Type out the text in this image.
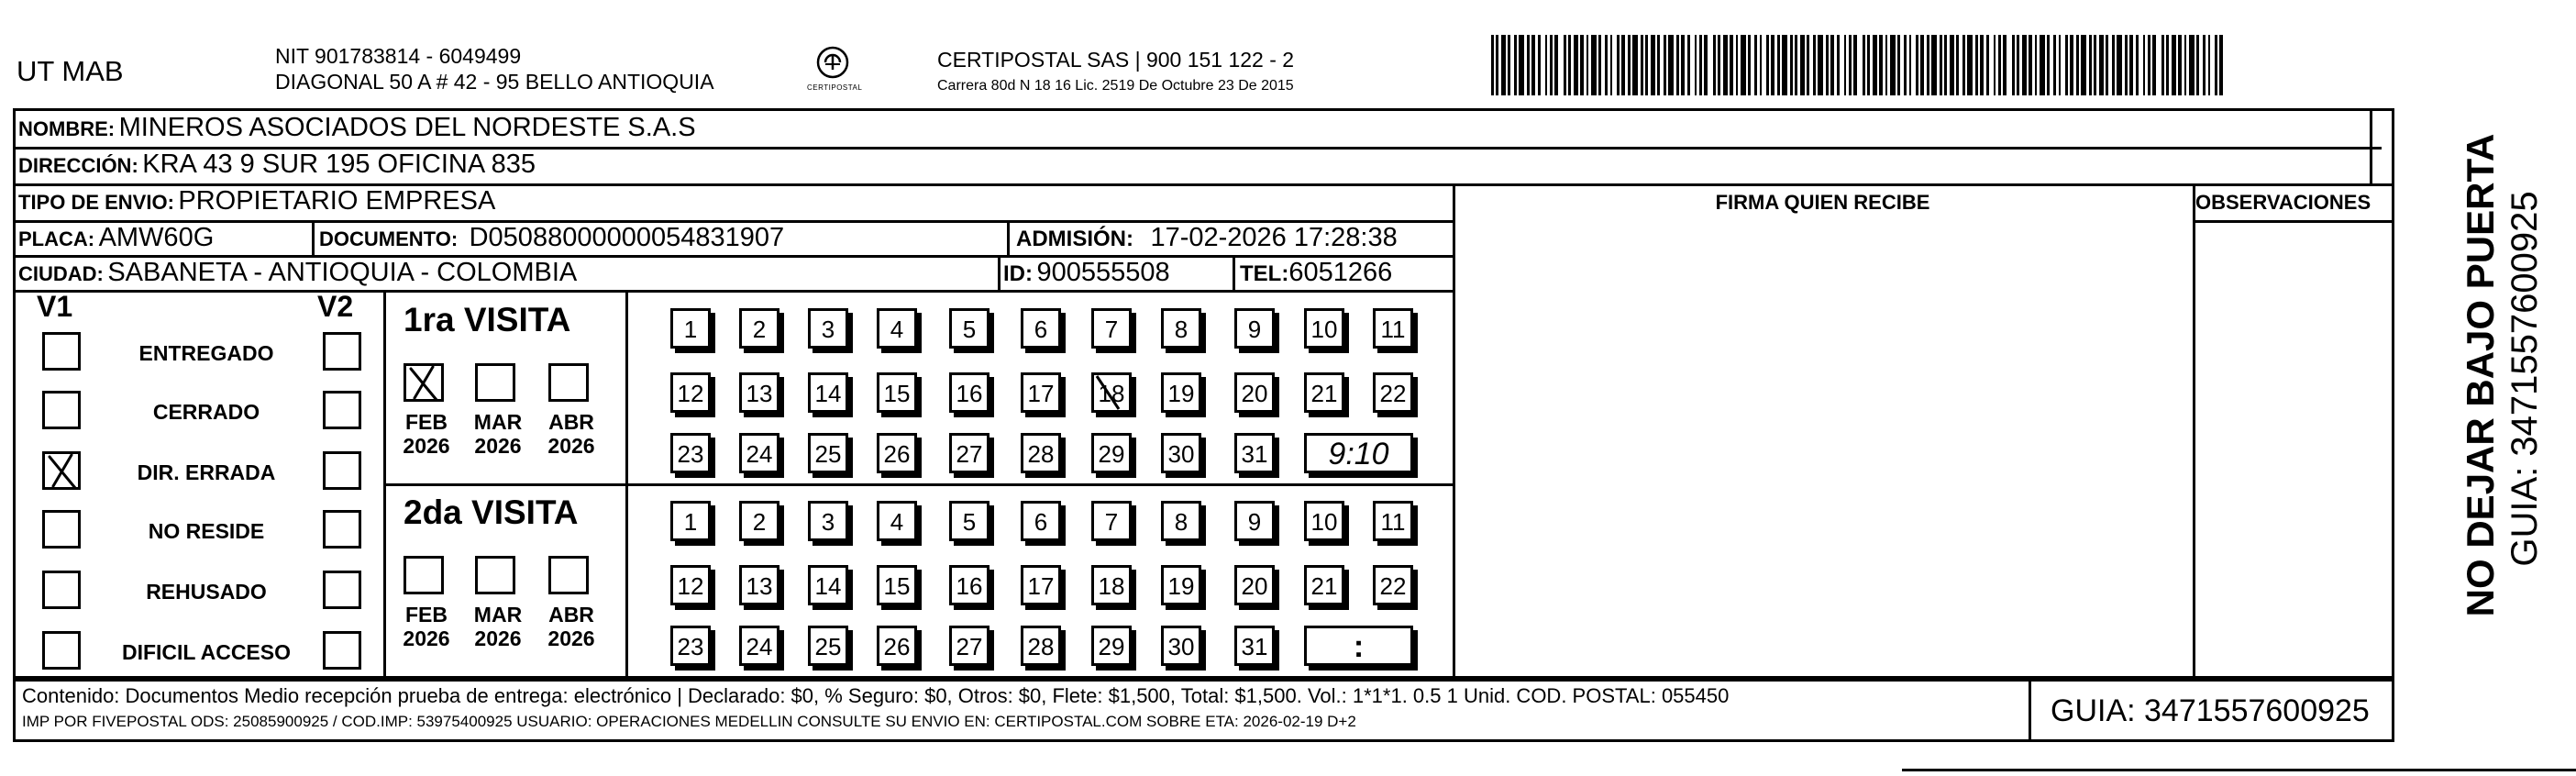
UT MAB	NIT 901783814 - 6049499
DIAGONAL 50 A # 42 - 95 BELLO ANTIOQUIA	CERTIPOSTAL
CERTIPOSTAL SAS | 900 151 122 - 2
Carrera 80d N 18 16 Lic. 2519 De Octubre 23 De 2015
NOMBRE: MINEROS ASOCIADOS DEL NORDESTE S.A.S
DIRECCIÓN: KRA 43 9 SUR 195 OFICINA 835
TIPO DE ENVIO: PROPIETARIO EMPRESA	FIRMA QUIEN RECIBE	OBSERVACIONES
PLACA: AMW60G	DOCUMENTO: D05088000000054831907	ADMISIÓN: 17-02-2026 17:28:38
CIUDAD: SABANETA - ANTIOQUIA - COLOMBIA	ID: 900555508	TEL:6051266
V1	V2
ENTREGADO
CERRADO
DIR. ERRADA
NO RESIDE
REHUSADO
DIFICIL ACCESO
1ra VISITA
2da VISITA
FEB
2026
MAR
2026
ABR
2026
1	2	3	4	5	6	7	8	9	10	11
12 13 14 15 16 17 18 19 20 21 22
23 24 25 26 27 28 29 30 31	9:10
FEB
2026
MAR
2026
ABR
2026
1	2	3	4	5	6	7	8	9	10	11
12 13 14 15 16 17 18 19 20 21 22
23 24 25 26 27 28 29 30 31	:
Contenido: Documentos Medio recepción prueba de entrega: electrónico | Declarado: $0, % Seguro: $0, Otros: $0, Flete: $1,500, Total: $1,500. Vol.: 1*1*1. 0.5 1 Unid. COD. POSTAL: 055450
IMP POR FIVEPOSTAL ODS: 25085900925 / COD.IMP: 53975400925 USUARIO: OPERACIONES MEDELLIN CONSULTE SU ENVIO EN: CERTIPOSTAL.COM SOBRE ETA: 2026-02-19 D+2	GUIA: 3471557600925
NO DEJAR BAJO PUERTA GUIA: 3471557600925
